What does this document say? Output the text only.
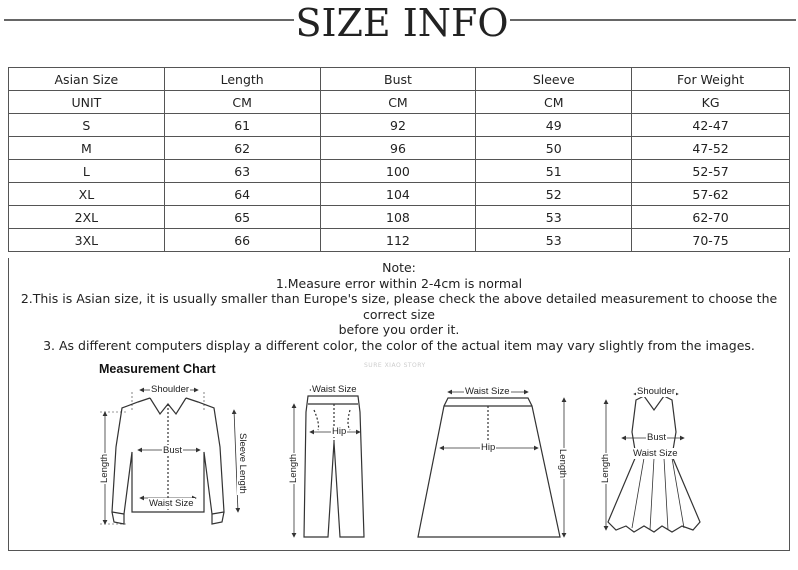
SIZE INFO
Asian Size	Length	Bust	Sleeve	For Weight
UNIT	CM	CM	CM	KG
S	61	92	49	42-47
M	62	96	50	47-52
L	63	100	51	52-57
XL	64	104	52	57-62
2XL	65	108	53	62-70
3XL	66	112	53	70-75
Note:
1.Measure error within 2-4cm is normal
2.This is Asian size, it is usually smaller than Europe's size, please check the above detailed measurement to choose the correct size
before you order it.
3. As different computers display a different color, the color of the actual item may vary slightly from the images.
Measurement Chart	SURE XIAO STORY
Shoulder
Bust
Waist Size
Length	Sleeve Length
Waist Size
Hip
Length
Waist Size
Hip
Length
Shoulder
Bust
Waist Size
Length
